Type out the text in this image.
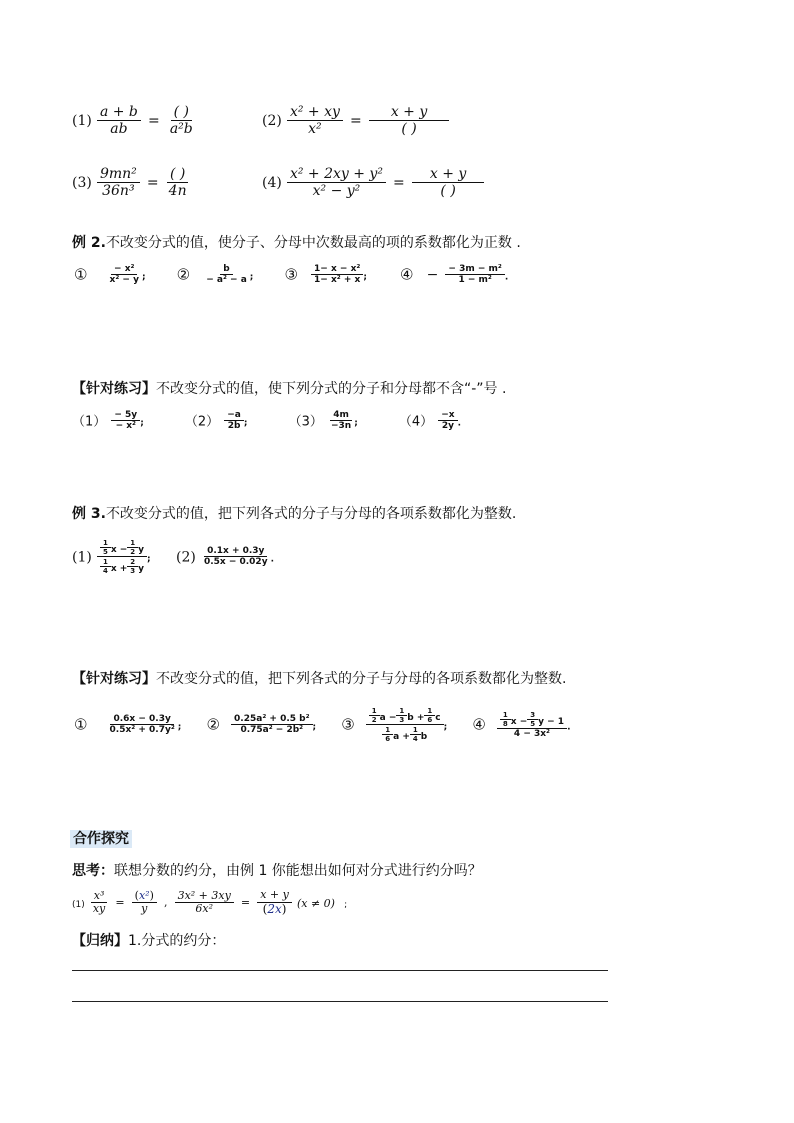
$(1) \frac{a + b}{ab} = \frac{( )}{\text{a²b}}$	$(2) \frac{\text{x² + xy}}{\text{x²}} = \frac{x + y}{( )}$
$(3) \frac{\text{9mn²}}{\text{36n³}} = \frac{( )}{4n}$	$(4) \frac{\text{x² + 2xy + y²}}{\text{x² − y²}} = \frac{x + y}{( )}$
例 2.不改变分式的值，使分子、分母中次数最高的项的系数都化为正数 .
① $\frac{\text{− x²}}{\text{x² − y}}$ ; ② $\frac{b}{\text{− a² − a}}$ ; ③ $\frac{\text{1− x − x²}}{\text{1− x² + x}}$ ; ④ − $\frac{\text{− 3m − m²}}{\text{1 − m²}}$ .
【针对练习】不改变分式的值，使下列分式的分子和分母都不含“-”号 .
$(1) \frac{- 5y}{\text{− x²}}$ ;	$(2) \frac{-a}{2b}$ ;	$(3) \frac{4m}{-3n}$ ;	$(4) \frac{-x}{2y}$ .
例 3.不改变分式的值，把下列各式的分子与分母的各项系数都化为整数.
$(1) \frac{\frac{1}{5} x - \frac{1}{2} y}{\frac{1}{4} x + \frac{2}{3} y}$ ; $(2) \frac{0.1x + 0.3y}{0.5x - 0.02y}$ .
【针对练习】不改变分式的值，把下列各式的分子与分母的各项系数都化为整数.
① $\frac{0.6x - 0.3y}{\text{0.5x² + 0.7y²}}$ ; ② $\frac{\text{0.25a² + 0.5 b²}}{\text{0.75a² − 2b²}}$ ; ③ $\frac{\frac{1}{2} a - \frac{1}{3} b + \frac{1}{6} c}{\frac{1}{6} a + \frac{1}{4} b}$ ; ④ $\frac{\frac{1}{8} x - \frac{3}{5} y - 1}{\text{4 − 3x²}}$ .
合作探究
思考：联想分数的约分，由例 1 你能想出如何对分式进行约分吗？
$(1) \frac{\text{x³}}{xy} = \frac{\text{(x²)}}{y}$ , $\frac{\text{3x² + 3xy}}{\text{6x²}} = \frac{x + y}{(2x)} (x \ne 0)$ ;
【归纳】1.分式的约分：
